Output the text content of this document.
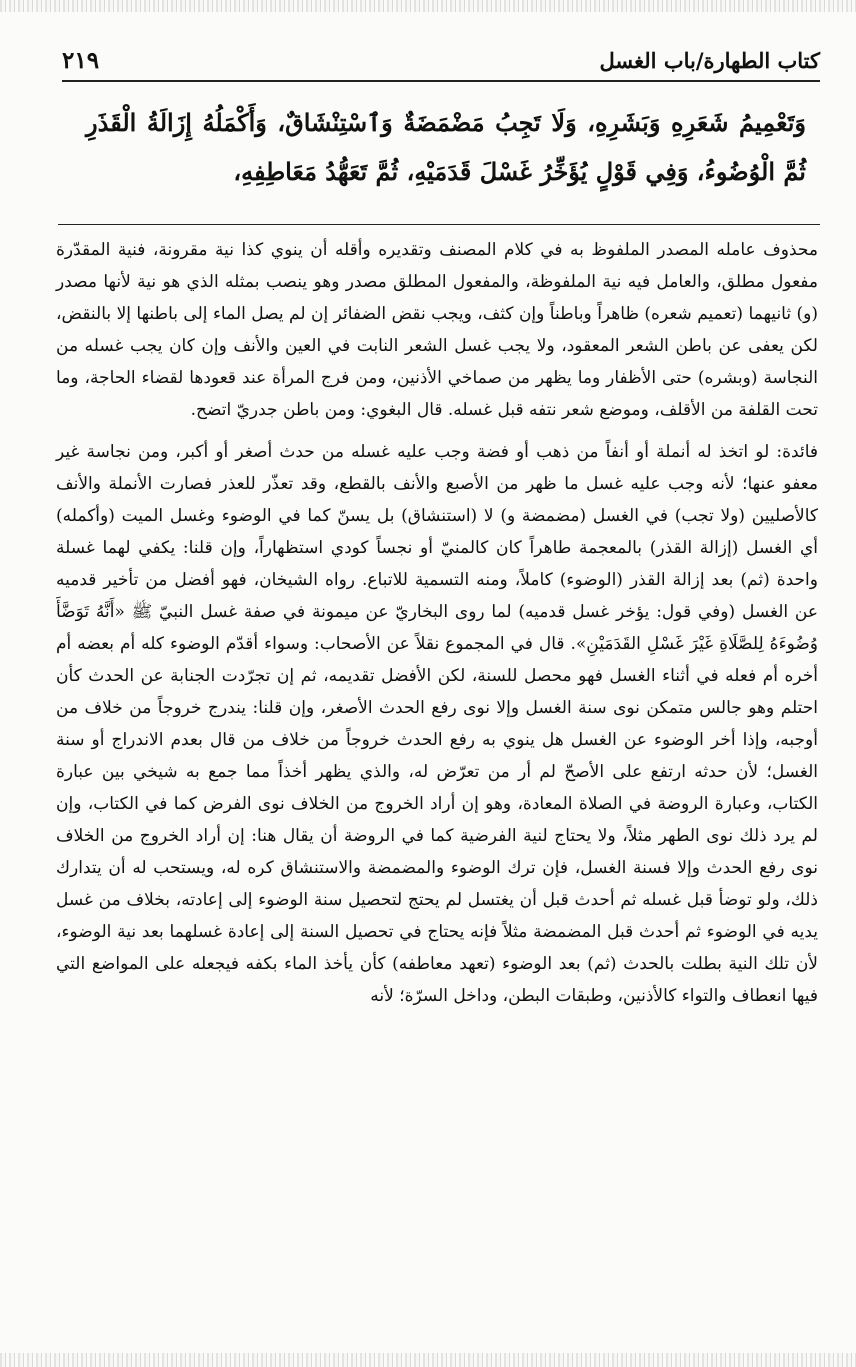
كتاب الطهارة/باب الغسل
٢١٩

وَتَعْمِيمُ شَعَرِهِ وَبَشَرِهِ، وَلَا تَجِبُ مَضْمَضَةٌ وَٱسْتِنْشَاقٌ، وَأَكْمَلُهُ إِزَالَةُ الْقَذَرِ ثُمَّ الْوُضُوءُ، وَفِي قَوْلٍ يُؤَخِّرُ غَسْلَ قَدَمَيْهِ، ثُمَّ تَعَهُّدُ مَعَاطِفِهِ،

محذوف عامله المصدر الملفوظ به في كلام المصنف وتقديره وأقله أن ينوي كذا نية مقرونة، فنية المقدّرة مفعول مطلق، والعامل فيه نية الملفوظة، والمفعول المطلق مصدر وهو ينصب بمثله الذي هو نية لأنها مصدر (و) ثانيهما (تعميم شعره) ظاهراً وباطناً وإن كثف، ويجب نقض الضفائر إن لم يصل الماء إلى باطنها إلا بالنقض، لكن يعفى عن باطن الشعر المعقود، ولا يجب غسل الشعر النابت في العين والأنف وإن كان يجب غسله من النجاسة (وبشره) حتى الأظفار وما يظهر من صماخي الأذنين، ومن فرج المرأة عند قعودها لقضاء الحاجة، وما تحت القلفة من الأقلف، وموضع شعر نتفه قبل غسله. قال البغوي: ومن باطن جدريّ اتضح.

فائدة: لو اتخذ له أنملة أو أنفاً من ذهب أو فضة وجب عليه غسله من حدث أصغر أو أكبر، ومن نجاسة غير معفو عنها؛ لأنه وجب عليه غسل ما ظهر من الأصبع والأنف بالقطع، وقد تعذّر للعذر فصارت الأنملة والأنف كالأصليين (ولا تجب) في الغسل (مضمضة و) لا (استنشاق) بل يسنّ كما في الوضوء وغسل الميت (وأكمله) أي الغسل (إزالة القذر) بالمعجمة طاهراً كان كالمنيّ أو نجساً كودي استظهاراً، وإن قلنا: يكفي لهما غسلة واحدة (ثم) بعد إزالة القذر (الوضوء) كاملاً، ومنه التسمية للاتباع. رواه الشيخان، فهو أفضل من تأخير قدميه عن الغسل (وفي قول: يؤخر غسل قدميه) لما روى البخاريّ عن ميمونة في صفة غسل النبيّ ﷺ «أَنَّهُ تَوَضَّأَ وُضُوءَهُ لِلصَّلَاةِ غَيْرَ غَسْلِ القَدَمَيْنِ». قال في المجموع نقلاً عن الأصحاب: وسواء أقدّم الوضوء كله أم بعضه أم أخره أم فعله في أثناء الغسل فهو محصل للسنة، لكن الأفضل تقديمه، ثم إن تجرّدت الجنابة عن الحدث كأن احتلم وهو جالس متمكن نوى سنة الغسل وإلا نوى رفع الحدث الأصغر، وإن قلنا: يندرج خروجاً من خلاف من أوجبه، وإذا أخر الوضوء عن الغسل هل ينوي به رفع الحدث خروجاً من خلاف من قال بعدم الاندراج أو سنة الغسل؛ لأن حدثه ارتفع على الأصحّ لم أر من تعرّض له، والذي يظهر أخذاً مما جمع به شيخي بين عبارة الكتاب، وعبارة الروضة في الصلاة المعادة، وهو إن أراد الخروج من الخلاف نوى الفرض كما في الكتاب، وإن لم يرد ذلك نوى الطهر مثلاً، ولا يحتاج لنية الفرضية كما في الروضة أن يقال هنا: إن أراد الخروج من الخلاف نوى رفع الحدث وإلا فسنة الغسل، فإن ترك الوضوء والمضمضة والاستنشاق كره له، ويستحب له أن يتدارك ذلك، ولو توضأ قبل غسله ثم أحدث قبل أن يغتسل لم يحتج لتحصيل سنة الوضوء إلى إعادته، بخلاف من غسل يديه في الوضوء ثم أحدث قبل المضمضة مثلاً فإنه يحتاج في تحصيل السنة إلى إعادة غسلهما بعد نية الوضوء، لأن تلك النية بطلت بالحدث (ثم) بعد الوضوء (تعهد معاطفه) كأن يأخذ الماء بكفه فيجعله على المواضع التي فيها انعطاف والتواء كالأذنين، وطبقات البطن، وداخل السرّة؛ لأنه
